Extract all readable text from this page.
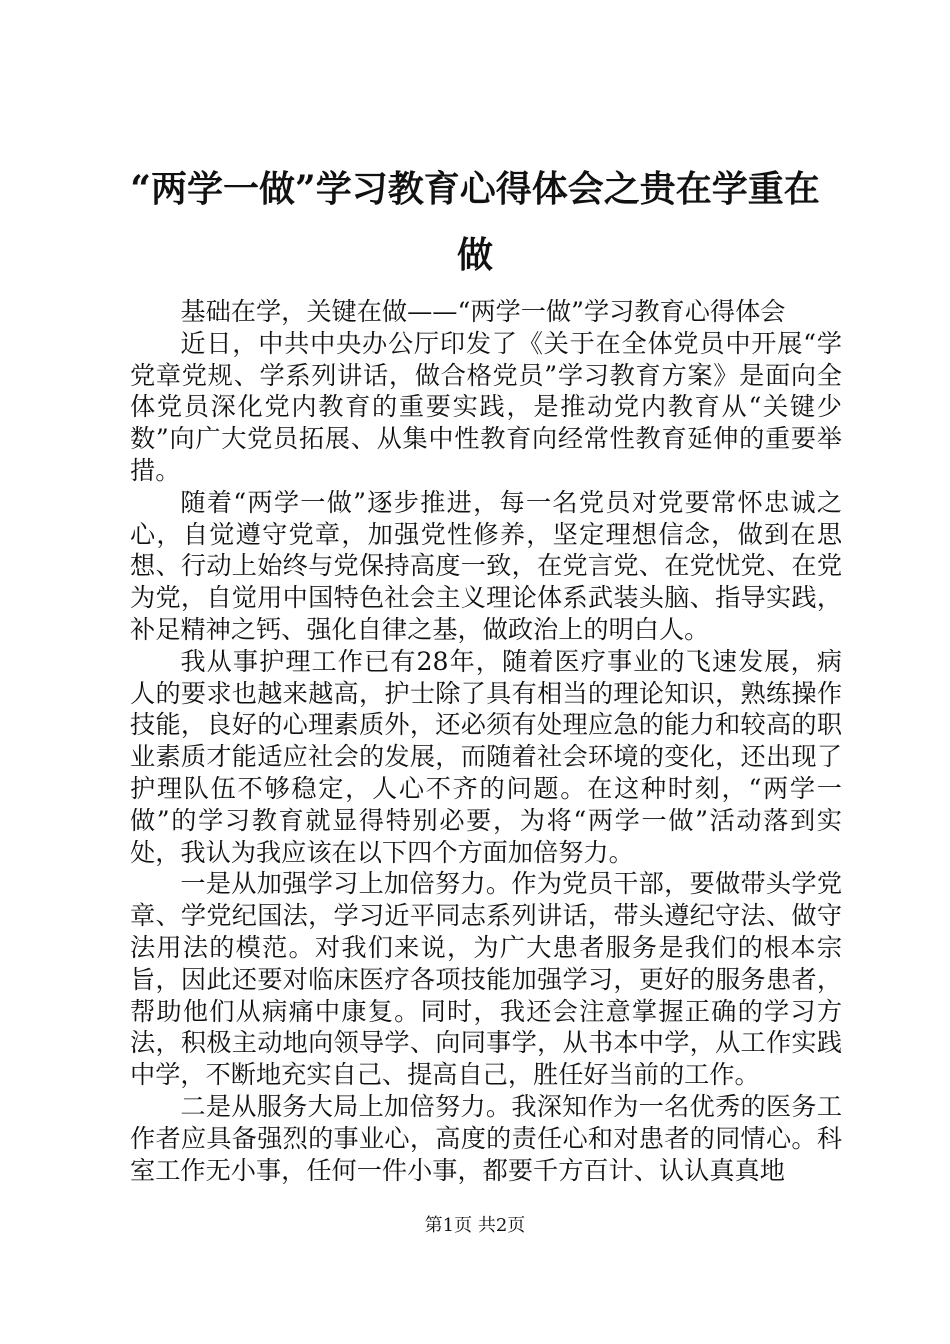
“两学一做”学习教育心得体会之贵在学重在做

基础在学，关键在做——“两学一做”学习教育心得体会

近日，中共中央办公厅印发了《关于在全体党员中开展“学党章党规、学系列讲话，做合格党员”学习教育方案》是面向全体党员深化党内教育的重要实践，是推动党内教育从“关键少数”向广大党员拓展、从集中性教育向经常性教育延伸的重要举措。

随着“两学一做”逐步推进，每一名党员对党要常怀忠诚之心，自觉遵守党章，加强党性修养，坚定理想信念，做到在思想、行动上始终与党保持高度一致，在党言党、在党忧党、在党为党，自觉用中国特色社会主义理论体系武装头脑、指导实践，补足精神之钙、强化自律之基，做政治上的明白人。

我从事护理工作已有28年，随着医疗事业的飞速发展，病人的要求也越来越高，护士除了具有相当的理论知识，熟练操作技能，良好的心理素质外，还必须有处理应急的能力和较高的职业素质才能适应社会的发展，而随着社会环境的变化，还出现了护理队伍不够稳定，人心不齐的问题。在这种时刻，“两学一做”的学习教育就显得特别必要，为将“两学一做”活动落到实处，我认为我应该在以下四个方面加倍努力。

一是从加强学习上加倍努力。作为党员干部，要做带头学党章、学党纪国法，学习近平同志系列讲话，带头遵纪守法、做守法用法的模范。对我们来说，为广大患者服务是我们的根本宗旨，因此还要对临床医疗各项技能加强学习，更好的服务患者，帮助他们从病痛中康复。同时，我还会注意掌握正确的学习方法，积极主动地向领导学、向同事学，从书本中学，从工作实践中学，不断地充实自己、提高自己，胜任好当前的工作。

二是从服务大局上加倍努力。我深知作为一名优秀的医务工作者应具备强烈的事业心，高度的责任心和对患者的同情心。科室工作无小事，任何一件小事，都要千方百计、认认真真地

第1页 共2页
